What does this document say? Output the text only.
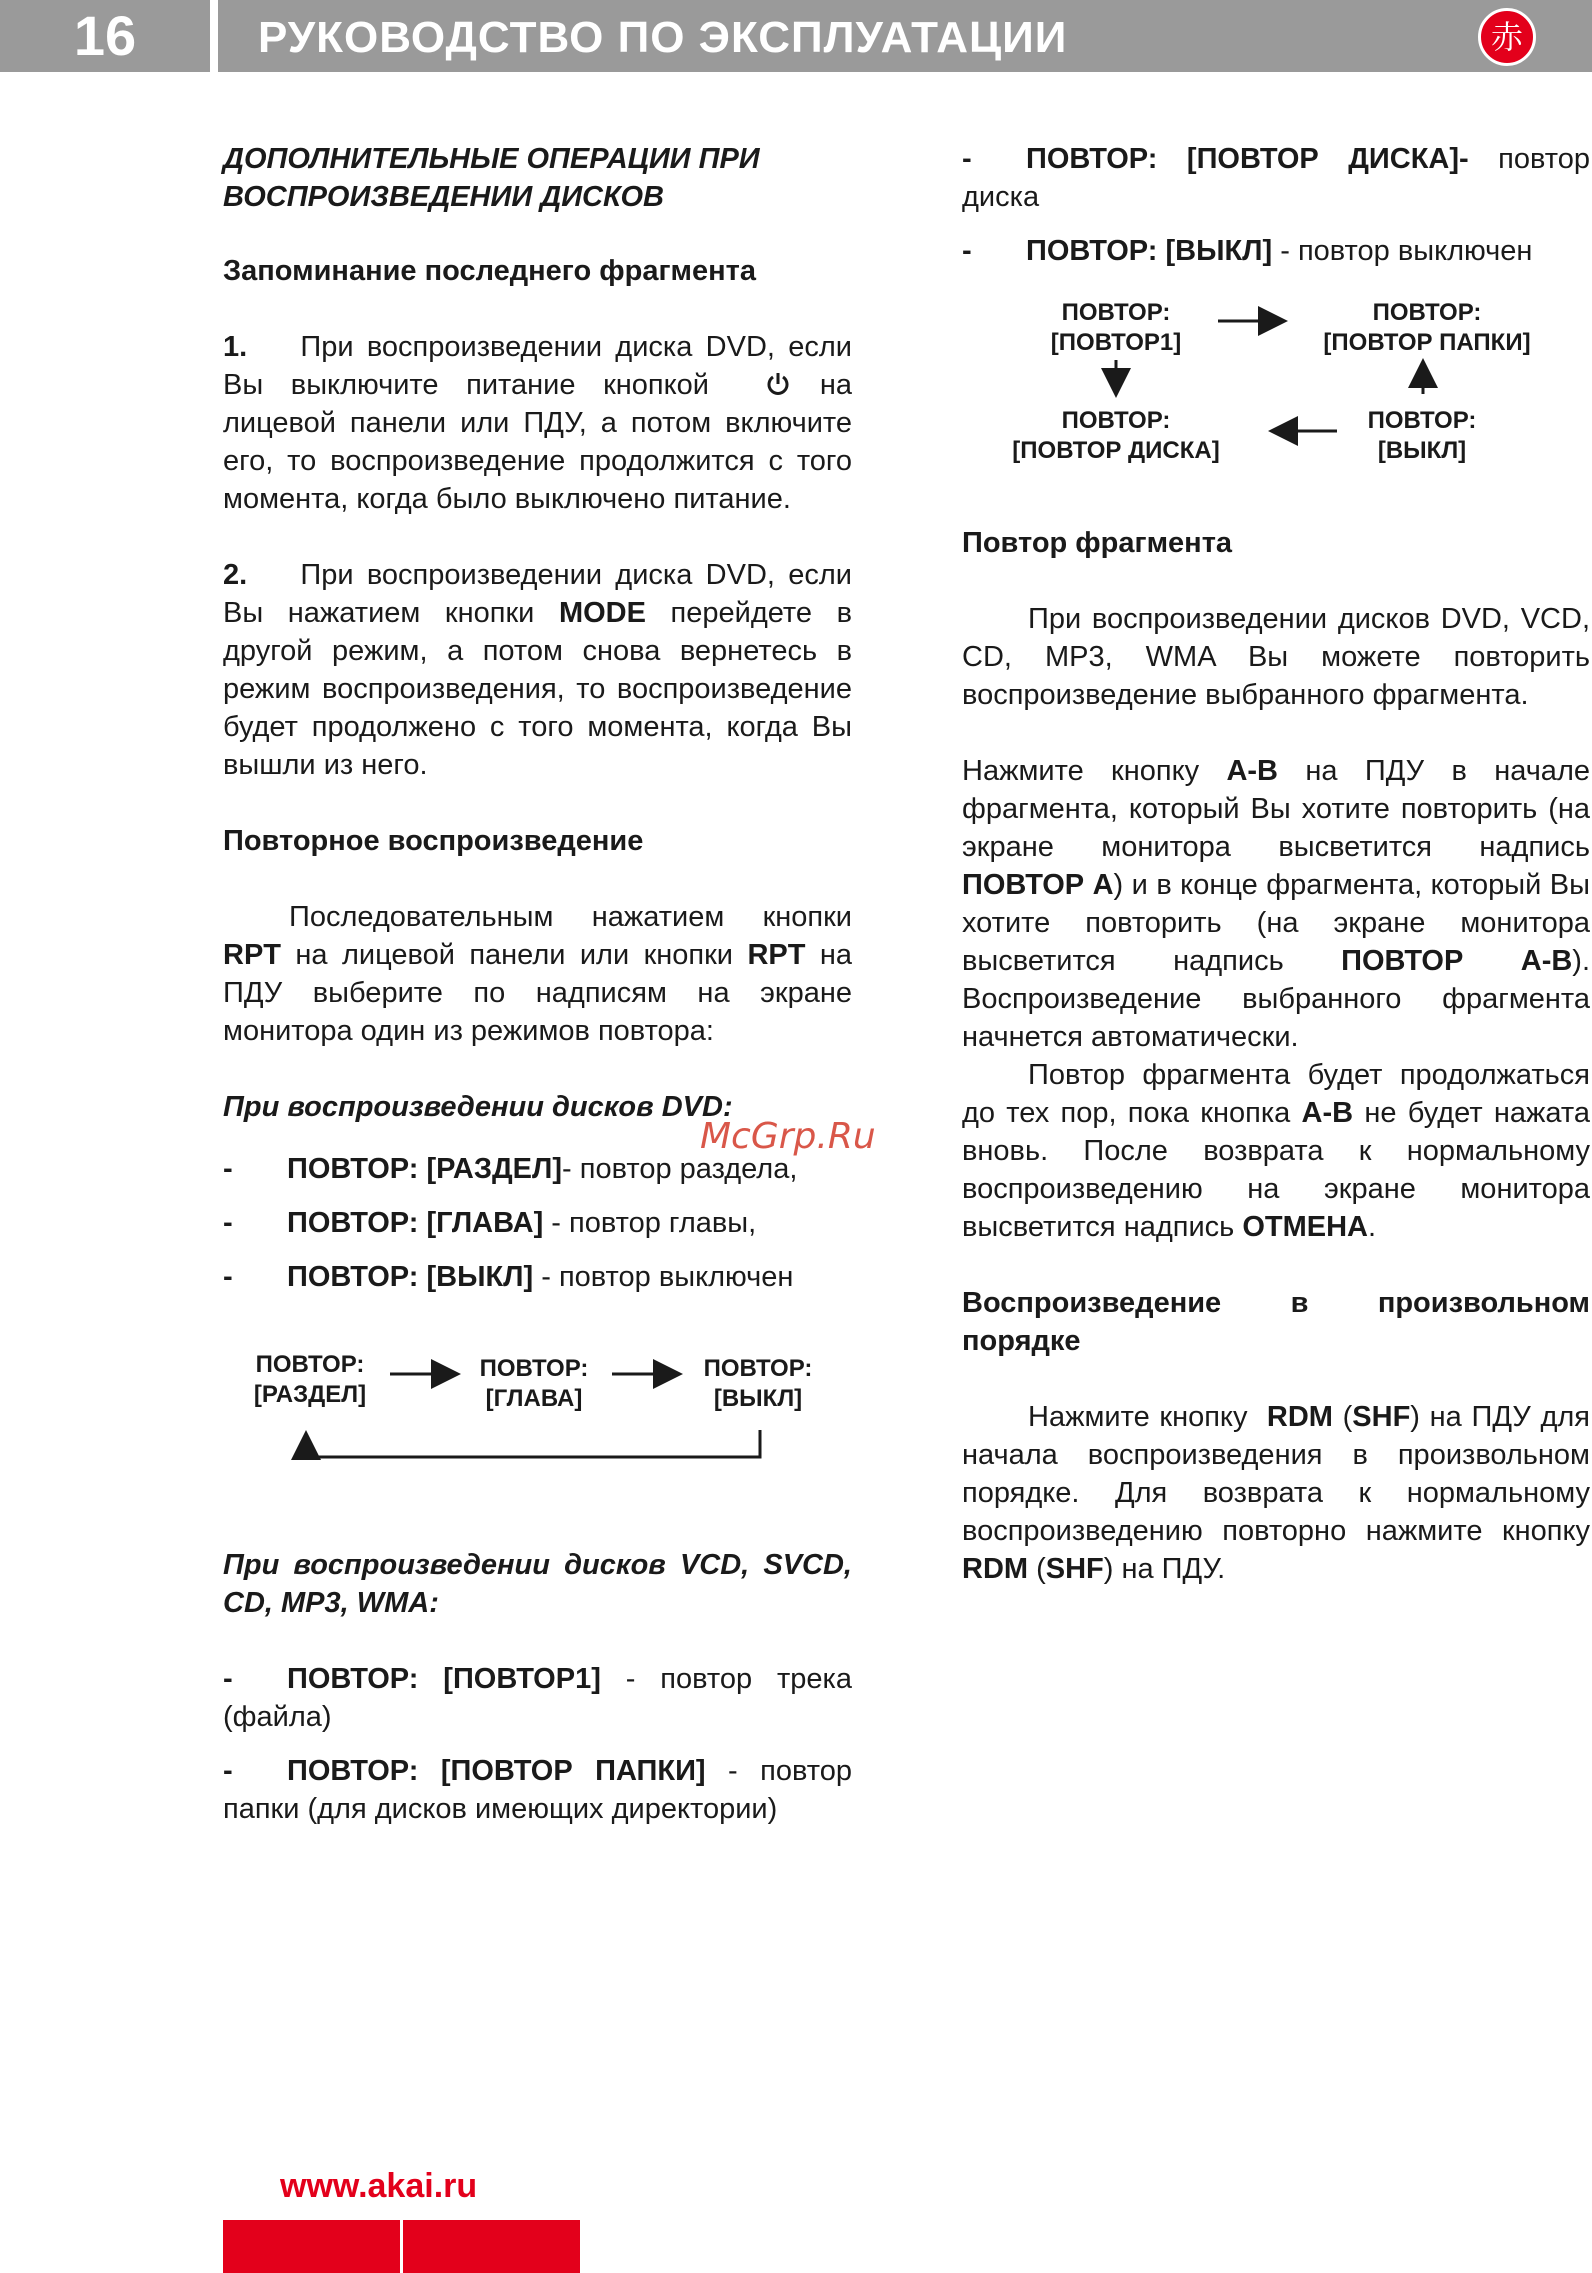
16	РУКОВОДСТВО ПО ЭКСПЛУАТАЦИИ	赤

ДОПОЛНИТЕЛЬНЫЕ ОПЕРАЦИИ ПРИ
ВОСПРОИЗВЕДЕНИИ ДИСКОВ

Запоминание последнего фрагмента

1. При воспроизведении диска DVD, если Вы выключите питание кнопкой	на лицевой панели или ПДУ, а потом включите его, то воспроизведение продолжится с того момента, когда было выключено питание.

2. При воспроизведении диска DVD, если Вы нажатием кнопки MODE перейдете в другой режим, а потом снова вернетесь в режим воспроизведения, то воспроизведение будет продолжено с того момента, когда Вы вышли из него.

Повторное воспроизведение

Последовательным нажатием кнопки RPT на лицевой панели или кнопки RPT на ПДУ выберите по надписям на экране монитора один из режимов повтора:

При воспроизведении дисков DVD:

- ПОВТОР: [РАЗДЕЛ]- повтор раздела,

- ПОВТОР: [ГЛАВА] - повтор главы,

- ПОВТОР: [ВЫКЛ] - повтор выключен

ПОВТОР:
[РАЗДЕЛ]
ПОВТОР:
[ГЛАВА]
ПОВТОР:
[ВЫКЛ]

При воспроизведении дисков VCD, SVCD, CD, MP3, WMA:

- ПОВТОР: [ПОВТОР1] - повтор трека (файла)

- ПОВТОР: [ПОВТОР ПАПКИ] - повтор папки (для дисков имеющих директории)

- ПОВТОР: [ПОВТОР ДИСКА]- повтор диска

- ПОВТОР: [ВЫКЛ] - повтор выключен

ПОВТОР:
[ПОВТОР1]
ПОВТОР:
[ПОВТОР ПАПКИ]
ПОВТОР:
[ВЫКЛ]
ПОВТОР:
[ПОВТОР ДИСКА]

Повтор фрагмента

При воспроизведении дисков DVD, VCD, CD, MP3, WMA Вы можете повторить воспроизведение выбранного фрагмента.

Нажмите кнопку A-B на ПДУ в начале фрагмента, который Вы хотите повторить (на экране монитора высветится надпись ПОВТОР A) и в конце фрагмента, который Вы хотите повторить (на экране монитора высветится надпись ПОВТОР A-B). Воспроизведение выбранного фрагмента начнется автоматически.

Повтор фрагмента будет продолжаться до тех пор, пока кнопка A-B не будет нажата вновь. После возврата к нормальному воспроизведению на экране монитора высветится надпись ОТМЕНА.

Воспроизведение в произвольном порядке

Нажмите кнопку RDM (SHF) на ПДУ для начала воспроизведения в произвольном порядке. Для возврата к нормальному воспроизведению повторно нажмите кнопку RDM (SHF) на ПДУ.

McGrp.Ru
www.akai.ru
